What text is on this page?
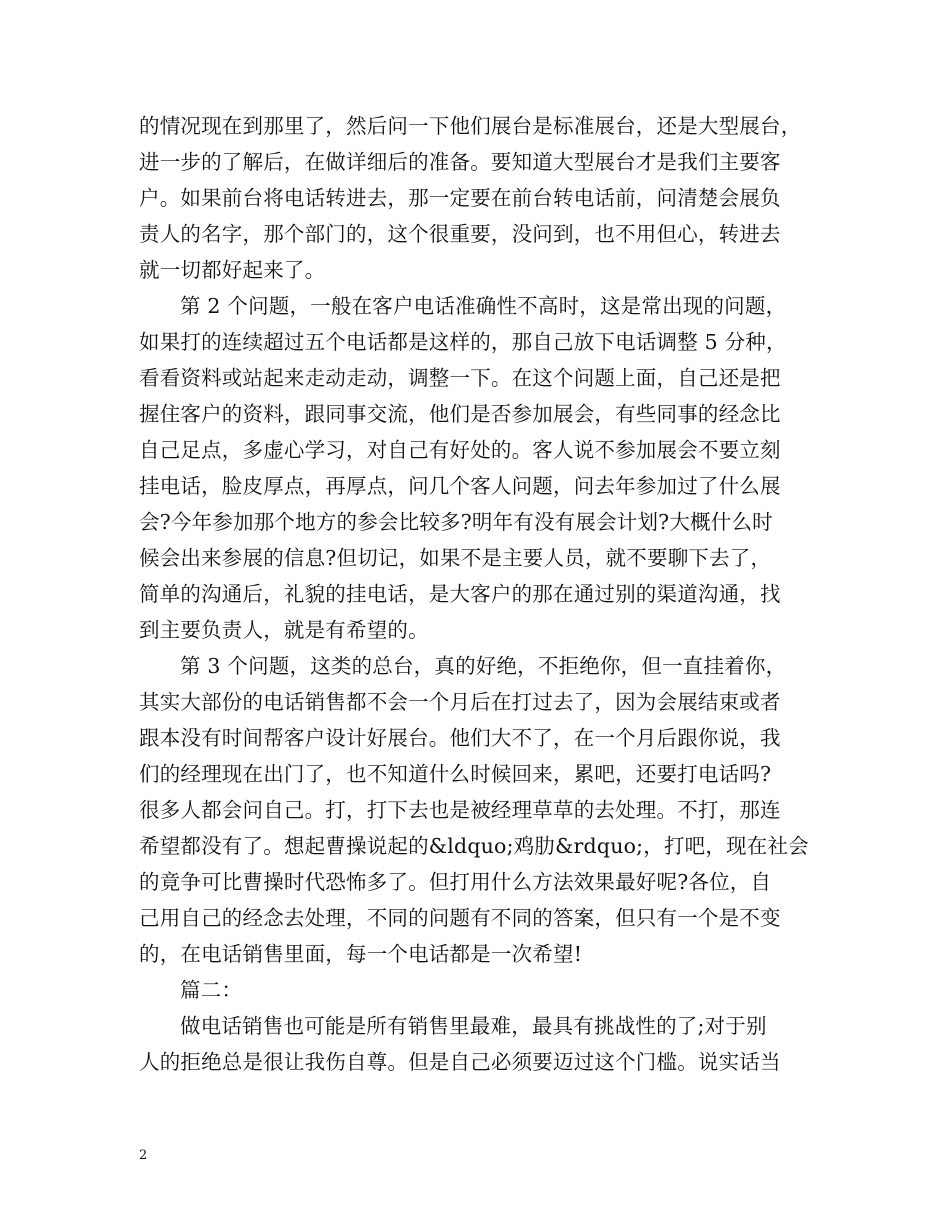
的情况现在到那里了，然后问一下他们展台是标准展台，还是大型展台，
进一步的了解后，在做详细后的准备。要知道大型展台才是我们主要客
户。如果前台将电话转进去，那一定要在前台转电话前，问清楚会展负
责人的名字，那个部门的，这个很重要，没问到，也不用但心，转进去
就一切都好起来了。
第 2 个问题，一般在客户电话准确性不高时，这是常出现的问题，
如果打的连续超过五个电话都是这样的，那自己放下电话调整 5 分种，
看看资料或站起来走动走动，调整一下。在这个问题上面，自己还是把
握住客户的资料，跟同事交流，他们是否参加展会，有些同事的经念比
自己足点，多虚心学习，对自己有好处的。客人说不参加展会不要立刻
挂电话，脸皮厚点，再厚点，问几个客人问题，问去年参加过了什么展
会?今年参加那个地方的参会比较多?明年有没有展会计划?大概什么时
候会出来参展的信息?但切记，如果不是主要人员，就不要聊下去了，
简单的沟通后，礼貌的挂电话，是大客户的那在通过别的渠道沟通，找
到主要负责人，就是有希望的。
第 3 个问题，这类的总台，真的好绝，不拒绝你，但一直挂着你，
其实大部份的电话销售都不会一个月后在打过去了，因为会展结束或者
跟本没有时间帮客户设计好展台。他们大不了，在一个月后跟你说，我
们的经理现在出门了，也不知道什么时候回来，累吧，还要打电话吗?
很多人都会问自己。打，打下去也是被经理草草的去处理。不打，那连
希望都没有了。想起曹操说起的&ldquo;鸡肋&rdquo;，打吧，现在社会
的竟争可比曹操时代恐怖多了。但打用什么方法效果最好呢?各位，自
己用自己的经念去处理，不同的问题有不同的答案，但只有一个是不变
的，在电话销售里面，每一个电话都是一次希望!
篇二：
做电话销售也可能是所有销售里最难，最具有挑战性的了;对于别
人的拒绝总是很让我伤自尊。但是自己必须要迈过这个门槛。说实话当
2
